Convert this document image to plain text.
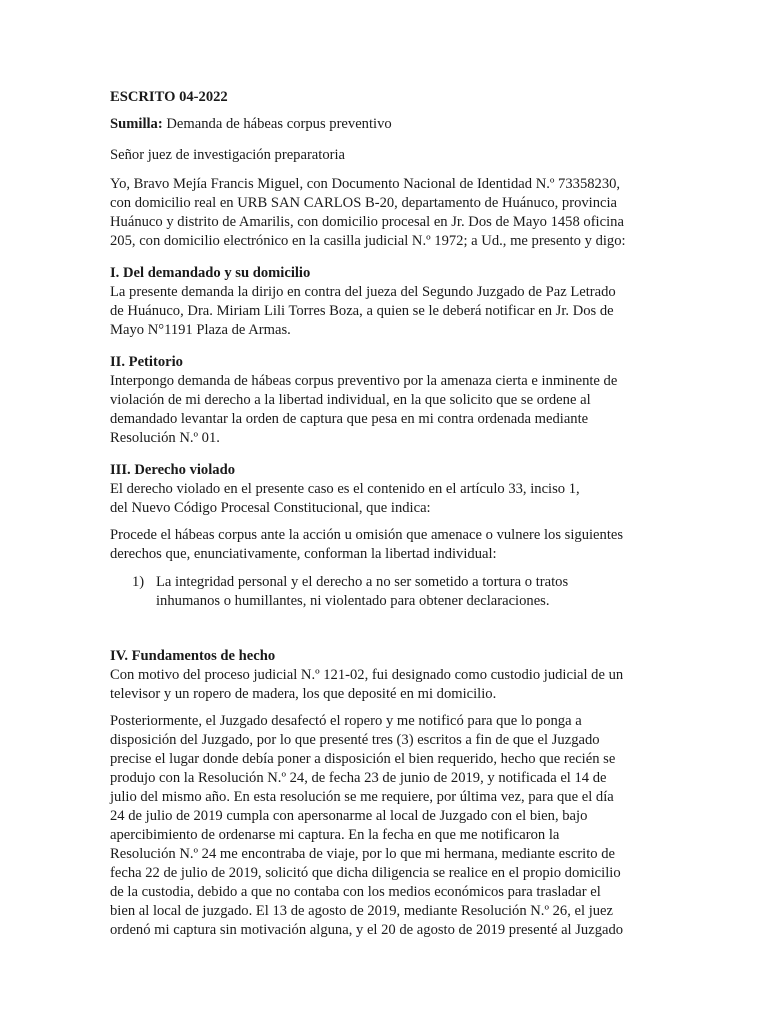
ESCRITO 04-2022
Sumilla: Demanda de hábeas corpus preventivo

Señor juez de investigación preparatoria

Yo, Bravo Mejía Francis Miguel, con Documento Nacional de Identidad N.º 73358230,
con domicilio real en URB SAN CARLOS B-20, departamento de Huánuco, provincia
Huánuco y distrito de Amarilis, con domicilio procesal en Jr. Dos de Mayo 1458 oficina
205, con domicilio electrónico en la casilla judicial N.º 1972; a Ud., me presento y digo:

I. Del demandado y su domicilio
La presente demanda la dirijo en contra del jueza del Segundo Juzgado de Paz Letrado
de Huánuco, Dra. Miriam Lili Torres Boza, a quien se le deberá notificar en Jr. Dos de
Mayo N°1191 Plaza de Armas.
II. Petitorio
Interpongo demanda de hábeas corpus preventivo por la amenaza cierta e inminente de
violación de mi derecho a la libertad individual, en la que solicito que se ordene al
demandado levantar la orden de captura que pesa en mi contra ordenada mediante
Resolución N.º 01.
III. Derecho violado
El derecho violado en el presente caso es el contenido en el artículo 33, inciso 1,
del Nuevo Código Procesal Constitucional, que indica:
Procede el hábeas corpus ante la acción u omisión que amenace o vulnere los siguientes
derechos que, enunciativamente, conforman la libertad individual:
1) La integridad personal y el derecho a no ser sometido a tortura o tratos
inhumanos o humillantes, ni violentado para obtener declaraciones.
IV. Fundamentos de hecho
Con motivo del proceso judicial N.º 121-02, fui designado como custodio judicial de un
televisor y un ropero de madera, los que deposité en mi domicilio.
Posteriormente, el Juzgado desafectó el ropero y me notificó para que lo ponga a
disposición del Juzgado, por lo que presenté tres (3) escritos a fin de que el Juzgado
precise el lugar donde debía poner a disposición el bien requerido, hecho que recién se
produjo con la Resolución N.º 24, de fecha 23 de junio de 2019, y notificada el 14 de
julio del mismo año. En esta resolución se me requiere, por última vez, para que el día
24 de julio de 2019 cumpla con apersonarme al local de Juzgado con el bien, bajo
apercibimiento de ordenarse mi captura. En la fecha en que me notificaron la
Resolución N.º 24 me encontraba de viaje, por lo que mi hermana, mediante escrito de
fecha 22 de julio de 2019, solicitó que dicha diligencia se realice en el propio domicilio
de la custodia, debido a que no contaba con los medios económicos para trasladar el
bien al local de juzgado. El 13 de agosto de 2019, mediante Resolución N.º 26, el juez
ordenó mi captura sin motivación alguna, y el 20 de agosto de 2019 presenté al Juzgado
